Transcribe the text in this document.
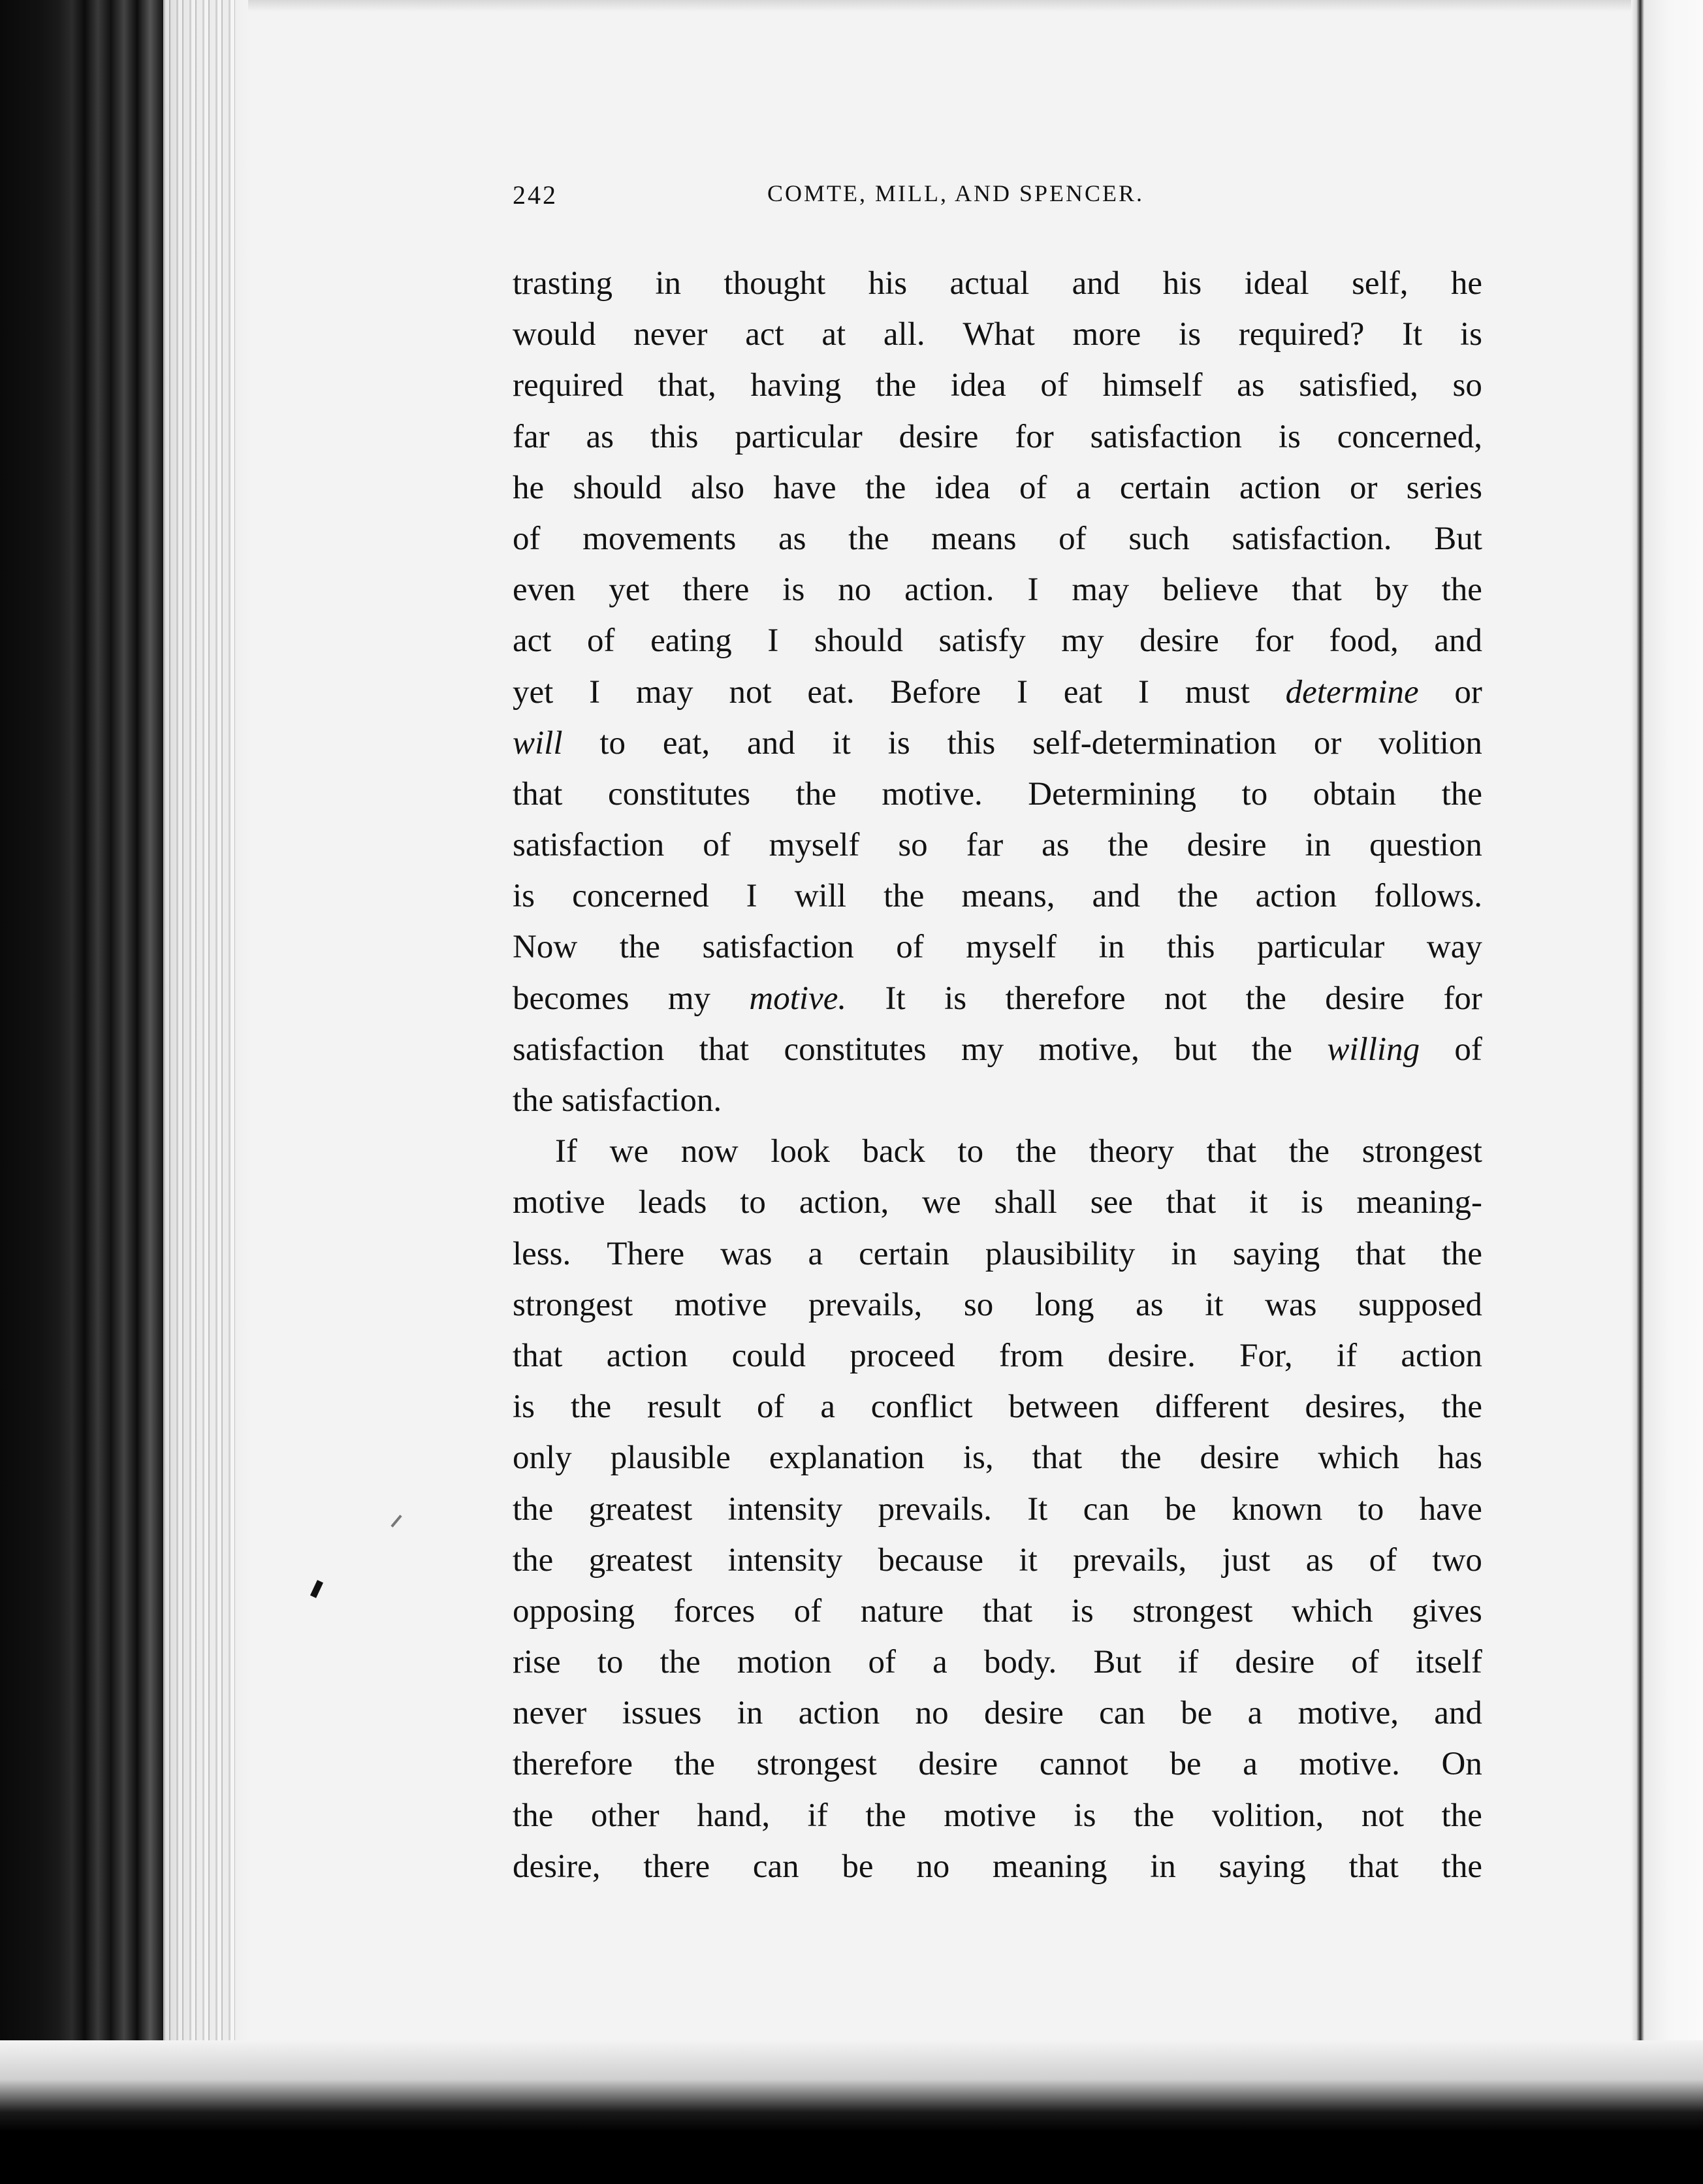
242	COMTE, MILL, AND SPENCER.
trasting in thought his actual and his ideal self, he
would never act at all. What more is required? It is
required that, having the idea of himself as satisfied, so
far as this particular desire for satisfaction is concerned,
he should also have the idea of a certain action or series
of movements as the means of such satisfaction. But
even yet there is no action. I may believe that by the
act of eating I should satisfy my desire for food, and
yet I may not eat. Before I eat I must determine or
will to eat, and it is this self-determination or volition
that constitutes the motive. Determining to obtain the
satisfaction of myself so far as the desire in question
is concerned I will the means, and the action follows.
Now the satisfaction of myself in this particular way
becomes my motive. It is therefore not the desire for
satisfaction that constitutes my motive, but the willing of
the
satisfaction.
If we now look back to the theory that the strongest
motive leads to action, we shall see that it is meaning-
less. There was a certain plausibility in saying that the
strongest motive prevails, so long as it was supposed
that action could proceed from desire. For, if action
is the result of a conflict between different desires, the
only plausible explanation is, that the desire which has
the greatest intensity prevails. It can be known to have
the greatest intensity because it prevails, just as of two
opposing forces of nature that is strongest which gives
rise to the motion of a body. But if desire of itself
never issues in action no desire can be a motive, and
therefore the strongest desire cannot be a motive. On
the other hand, if the motive is the volition, not the
desire, there can be no meaning in saying that the
